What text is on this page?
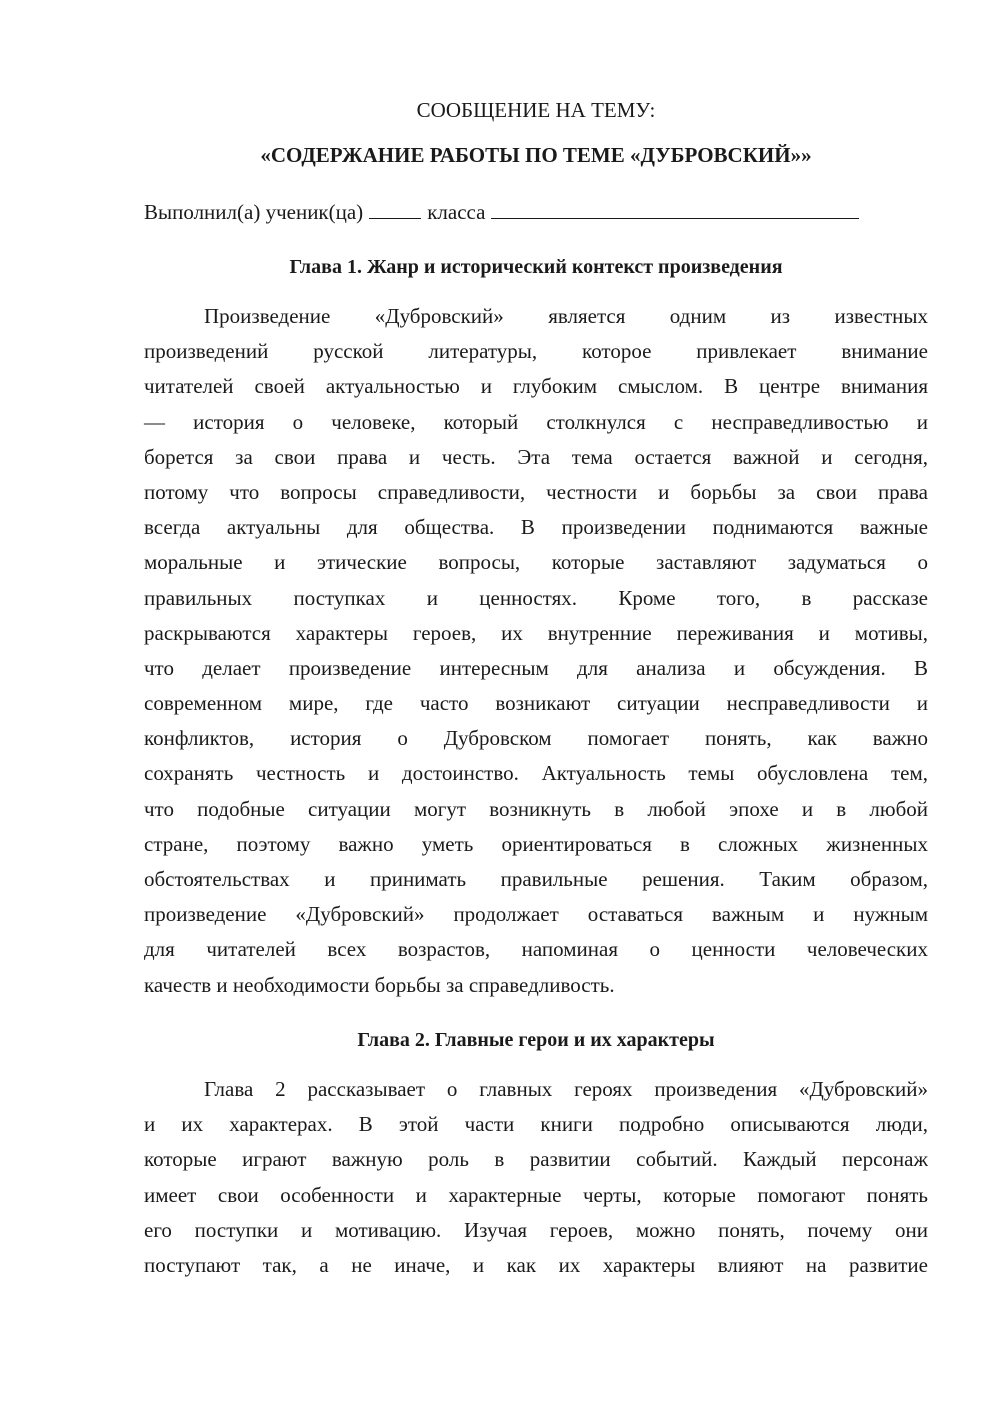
СООБЩЕНИЕ НА ТЕМУ:
«СОДЕРЖАНИЕ РАБОТЫ ПО ТЕМЕ «ДУБРОВСКИЙ»»
Выполнил(а) ученик(ца)	класса
Глава 1. Жанр и исторический контекст произведения
Произведение «Дубровский» является одним из известных
произведений русской литературы, которое привлекает внимание
читателей своей актуальностью и глубоким смыслом. В центре внимания
— история о человеке, который столкнулся с несправедливостью и
борется за свои права и честь. Эта тема остается важной и сегодня,
потому что вопросы справедливости, честности и борьбы за свои права
всегда актуальны для общества. В произведении поднимаются важные
моральные и этические вопросы, которые заставляют задуматься о
правильных поступках и ценностях. Кроме того, в рассказе
раскрываются характеры героев, их внутренние переживания и мотивы,
что делает произведение интересным для анализа и обсуждения. В
современном мире, где часто возникают ситуации несправедливости и
конфликтов, история о Дубровском помогает понять, как важно
сохранять честность и достоинство. Актуальность темы обусловлена тем,
что подобные ситуации могут возникнуть в любой эпохе и в любой
стране, поэтому важно уметь ориентироваться в сложных жизненных
обстоятельствах и принимать правильные решения. Таким образом,
произведение «Дубровский» продолжает оставаться важным и нужным
для читателей всех возрастов, напоминая о ценности человеческих
качеств и необходимости борьбы за справедливость.
Глава 2. Главные герои и их характеры
Глава 2 рассказывает о главных героях произведения «Дубровский»
и их характерах. В этой части книги подробно описываются люди,
которые играют важную роль в развитии событий. Каждый персонаж
имеет свои особенности и характерные черты, которые помогают понять
его поступки и мотивацию. Изучая героев, можно понять, почему они
поступают так, а не иначе, и как их характеры влияют на развитие
